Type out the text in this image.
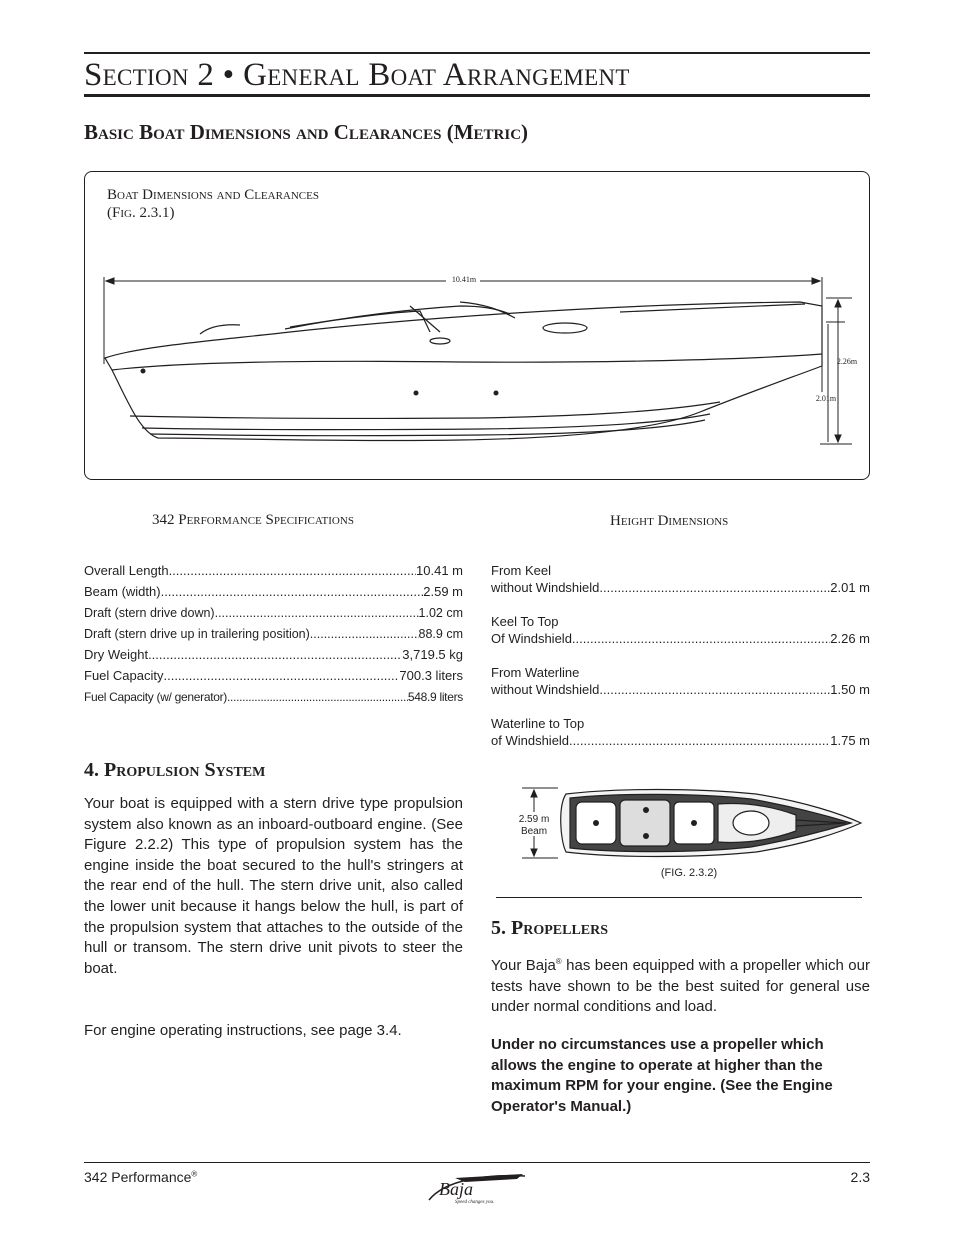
Section 2 • General Boat Arrangement
Basic Boat Dimensions and Clearances (Metric)
Boat Dimensions and Clearances
(Fig. 2.3.1)
10.41m
2.26m
2.01m
342 Performance Specifications
Overall Length .....	10.41 m
Beam (width) .....	2.59 m
Draft (stern drive down) .....	1.02 cm
Draft (stern drive up in trailering position) .....	88.9 cm
Dry Weight .....	3,719.5 kg
Fuel Capacity .....	700.3 liters
Fuel Capacity (w/ generator) .....	548.9 liters
Height Dimensions
From Keel
without Windshield .....	2.01 m
Keel To Top
Of Windshield .....	2.26 m
From Waterline
without Windshield .....	1.50 m
Waterline to Top
of Windshield .....	1.75 m
4. Propulsion System
Your boat is equipped with a stern drive type propulsion system also known as an inboard-outboard engine. (See Figure 2.2.2) This type of propulsion system has the engine inside the boat secured to the hull's stringers at the rear end of the hull. The stern drive unit, also called the lower unit because it hangs below the hull, is part of the propulsion system that attaches to the outside of the hull or transom. The stern drive unit pivots to steer the boat.
For engine operating instructions, see page 3.4.
2.59 m
Beam
(FIG. 2.3.2)
5. Propellers
Your Baja® has been equipped with a propeller which our tests have shown to be the best suited for general use under normal conditions and load.
Under no circumstances use a propeller which allows the engine to operate at higher than the maximum RPM for your engine. (See the Engine Operator's Manual.)
342 Performance®
Baja
Speed changes you.
2.3
